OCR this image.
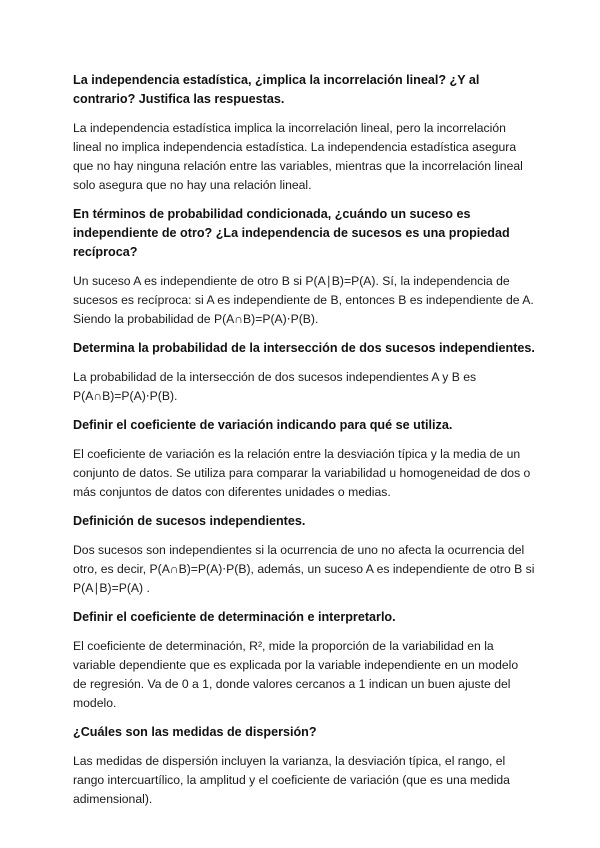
La independencia estadística, ¿implica la incorrelación lineal? ¿Y al contrario? Justifica las respuestas.

La independencia estadística implica la incorrelación lineal, pero la incorrelación lineal no implica independencia estadística. La independencia estadística asegura que no hay ninguna relación entre las variables, mientras que la incorrelación lineal solo asegura que no hay una relación lineal.

En términos de probabilidad condicionada, ¿cuándo un suceso es independiente de otro? ¿La independencia de sucesos es una propiedad recíproca?

Un suceso A es independiente de otro B si P(A∣B)=P(A). Sí, la independencia de sucesos es recíproca: si A es independiente de B, entonces B es independiente de A. Siendo la probabilidad de P(A∩B)=P(A)⋅P(B).

Determina la probabilidad de la intersección de dos sucesos independientes.

La probabilidad de la intersección de dos sucesos independientes A y B es P(A∩B)=P(A)⋅P(B).

Definir el coeficiente de variación indicando para qué se utiliza.

El coeficiente de variación es la relación entre la desviación típica y la media de un conjunto de datos. Se utiliza para comparar la variabilidad u homogeneidad de dos o más conjuntos de datos con diferentes unidades o medias.

Definición de sucesos independientes.

Dos sucesos son independientes si la ocurrencia de uno no afecta la ocurrencia del otro, es decir, P(A∩B)=P(A)⋅P(B), además, un suceso A es independiente de otro B si P(A∣B)=P(A) .

Definir el coeficiente de determinación e interpretarlo.

El coeficiente de determinación, R², mide la proporción de la variabilidad en la variable dependiente que es explicada por la variable independiente en un modelo de regresión. Va de 0 a 1, donde valores cercanos a 1 indican un buen ajuste del modelo.

¿Cuáles son las medidas de dispersión?

Las medidas de dispersión incluyen la varianza, la desviación típica, el rango, el rango intercuartílico, la amplitud y el coeficiente de variación (que es una medida adimensional).
